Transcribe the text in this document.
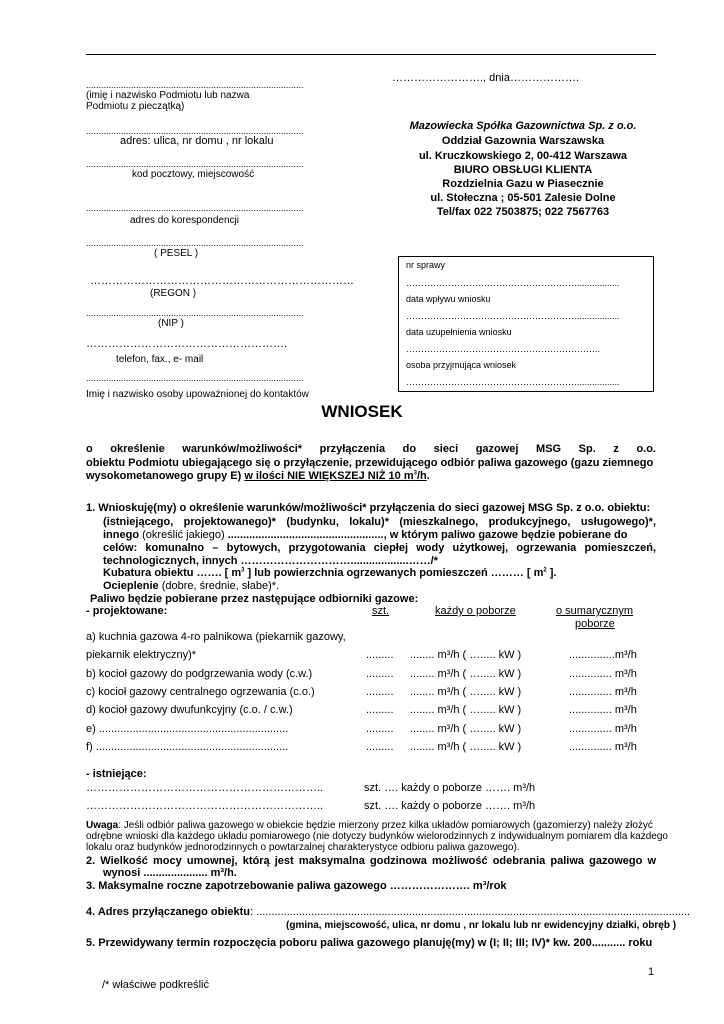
……………………., dnia……………….
.......................................................................................
(imię i nazwisko Podmiotu lub nazwa
Podmiotu z pieczątką)
.......................................................................................
adres: ulica, nr domu , nr lokalu
.......................................................................................
kod pocztowy, miejscowość
.......................................................................................
adres do korespondencji
.......................................................................................
( PESEL )
………………………………………………………………
(REGON )
.......................................................................................
(NIP )
……………………………………………….
telefon, fax., e- mail
.......................................................................................
Imię i nazwisko osoby upoważnionej do kontaktów
Mazowiecka Spółka Gazownictwa Sp. z o.o.
Oddział Gazownia Warszawska
ul. Kruczkowskiego 2, 00-412 Warszawa
BIURO OBSŁUGI KLIENTA
Rozdzielnia Gazu w Piasecznie
ul. Stołeczna ; 05-501 Zalesie Dolne
Tel/fax 022 7503875; 022 7567763
nr sprawy
………………………………………………….................
data wpływu wniosku
………………………………………………….................
data uzupełnienia wniosku
………………………………………………………..
osoba przyjmująca wniosek
………………………………………………….................
WNIOSEK
o określenie warunków/możliwości* przyłączenia do sieci gazowej MSG Sp. z o.o.
obiektu Podmiotu ubiegającego się o przyłączenie, przewidującego odbiór paliwa gazowego (gazu ziemnego
wysokometanowego grupy E) w ilości NIE WIĘKSZEJ NIŻ 10 $m^3/h$.
1. Wnioskuję(my) o określenie warunków/możliwości* przyłączenia do sieci gazowej MSG Sp. z o.o. obiektu:
(istniejącego, projektowanego)* (budynku, lokalu)* (mieszkalnego, produkcyjnego, usługowego)*,
innego (określić jakiego) ..................................................., w którym paliwo gazowe będzie pobierane do
celów: komunalno – bytowych, przygotowania ciepłej wody użytkowej, ogrzewania pomieszczeń,
technologicznych, innych …………………………...................……/*
Kubatura obiektu ……. [ $m^3$ ] lub powierzchnia ogrzewanych pomieszczeń ……… [ $m^2$ ].
Ocieplenie (dobre, średnie, słabe)*.
Paliwo będzie pobierane przez następujące odbiorniki gazowe:
- projektowane:	szt.	każdy o poborze	o sumarycznym
poborze
a) kuchnia gazowa 4-ro palnikowa (piekarnik gazowy,
piekarnik elektryczny)*	......... ........ m³/h ( …..... kW )	...............m³/h
b) kocioł gazowy do podgrzewania wody (c.w.)	......... ........ m³/h ( …..... kW )	.............. m³/h
c) kocioł gazowy centralnego ogrzewania (c.o.)	......... ........ m³/h ( …..... kW )	.............. m³/h
d) kocioł gazowy dwufunkcyjny (c.o. / c.w.)	......... ........ m³/h ( …..... kW )	.............. m³/h
e) ..............................................................	......... ........ m³/h ( …..... kW )	.............. m³/h
f) ...............................................................	......... ........ m³/h ( …..... kW )	.............. m³/h
- istniejące:
………………………………………………………..	szt. …. każdy o poborze ……. m³/h
………………………………………………………..	szt. …. każdy o poborze ……. m³/h
Uwaga: Jeśli odbiór paliwa gazowego w obiekcie będzie mierzony przez kilka układów pomiarowych (gazomierzy) należy złożyć
odrębne wnioski dla każdego układu pomiarowego (nie dotyczy budynków wielorodzinnych z indywidualnym pomiarem dla każdego
lokalu oraz budynków jednorodzinnych o powtarzalnej charakterystyce odbioru paliwa gazowego).
2. Wielkość mocy umownej, którą jest maksymalna godzinowa możliwość odebrania paliwa gazowego w
wynosi ..................... m³/h.
3. Maksymalne roczne zapotrzebowanie paliwa gazowego …………………. m³/rok
4. Adres przyłączanego obiektu: ..............................................................................................................................................
(gmina, miejscowość, ulica, nr domu , nr lokalu lub nr ewidencyjny działki, obręb )
5. Przewidywany termin rozpoczęcia poboru paliwa gazowego planuję(my) w (I; II; III; IV)* kw. 200........... roku
1
/* właściwe podkreślić
